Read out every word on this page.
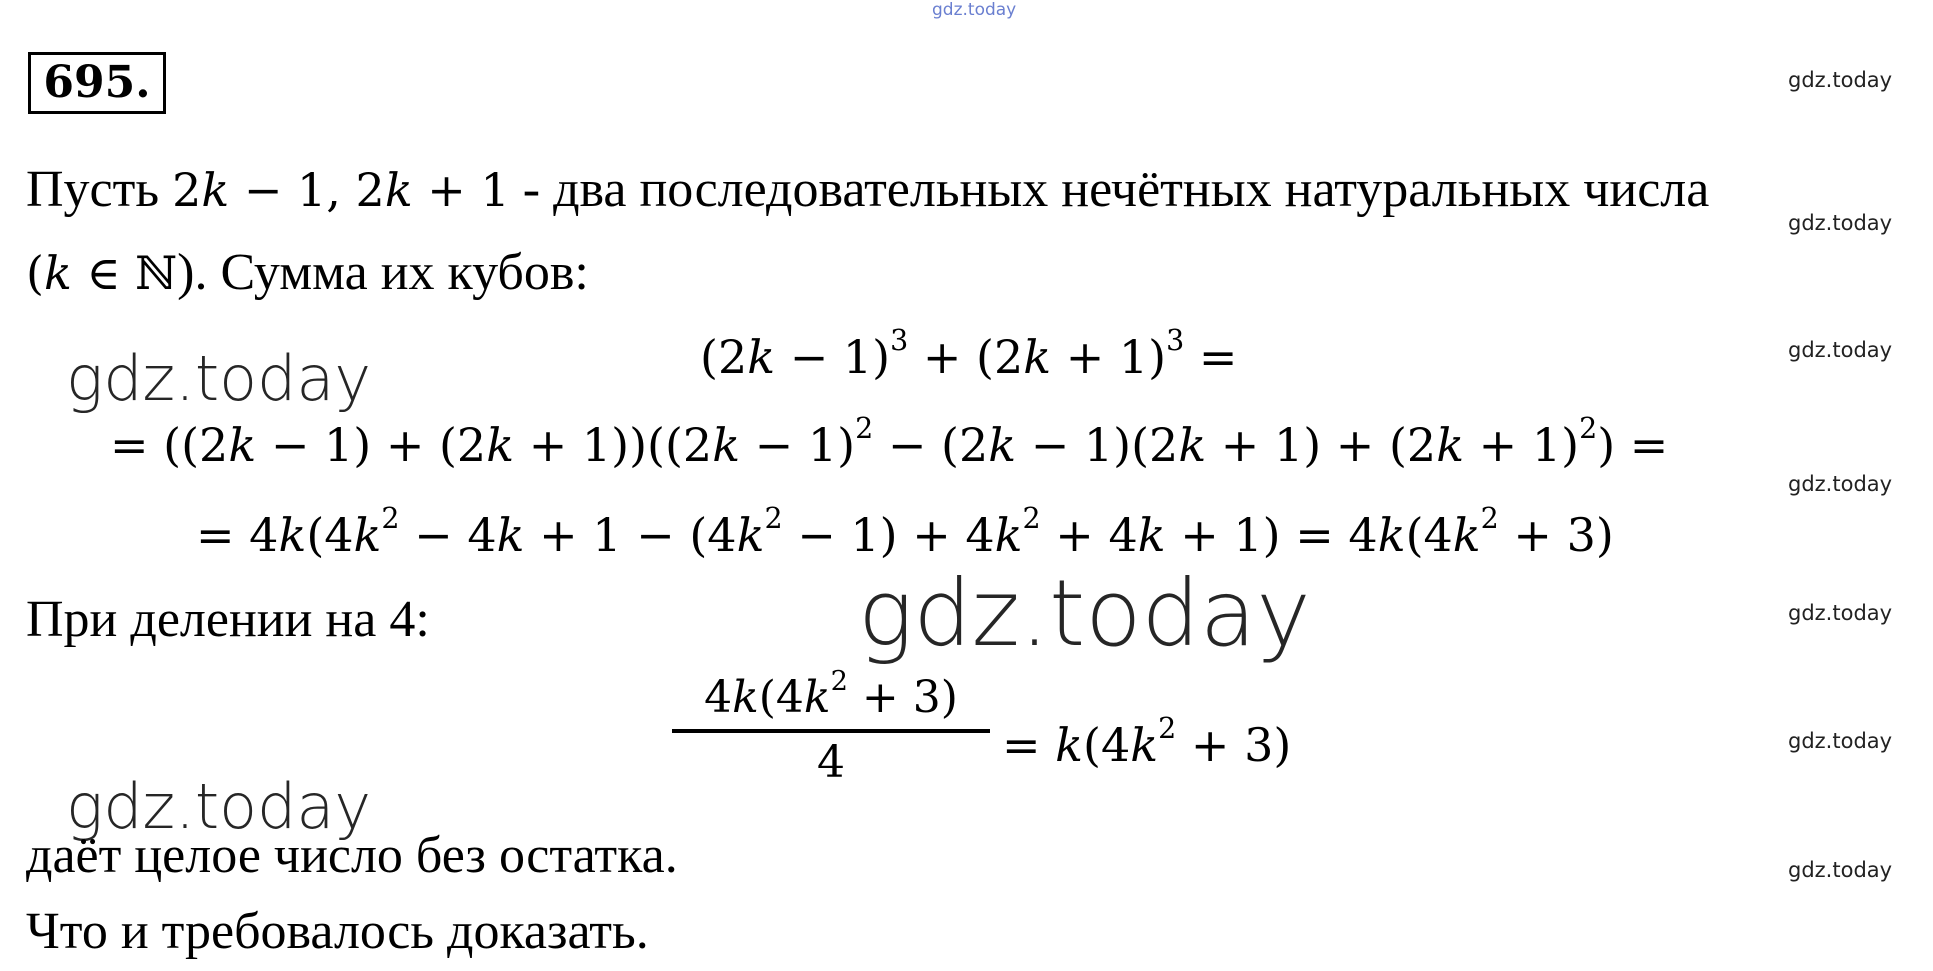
gdz.today
695.	gdz.today
gdz.today
gdz.today
gdz.today
gdz.today
gdz.today
gdz.today
Пусть 2k − 1, 2k + 1 - два последовательных нечётных натуральных числа
(k ∈ ℕ). Сумма их кубов:
gdz.today	$(2k - 1)^3 + (2k + 1)^3$ =
= $((2k - 1) + (2k + 1))((2k - 1)^2 - (2k - 1)(2k + 1) + (2k + 1)^2)$ =
= $4k(4k^2 - 4k + 1 - (4k^2 - 1) + 4k^2 + 4k + 1) = 4k(4k^2 + 3)$
При делении на 4:	gdz.today
$4k(4k^2 + 3)$
4	= $k(4k^2 + 3)$
gdz.today
даёт целое число без остатка.
Что и требовалось доказать.
